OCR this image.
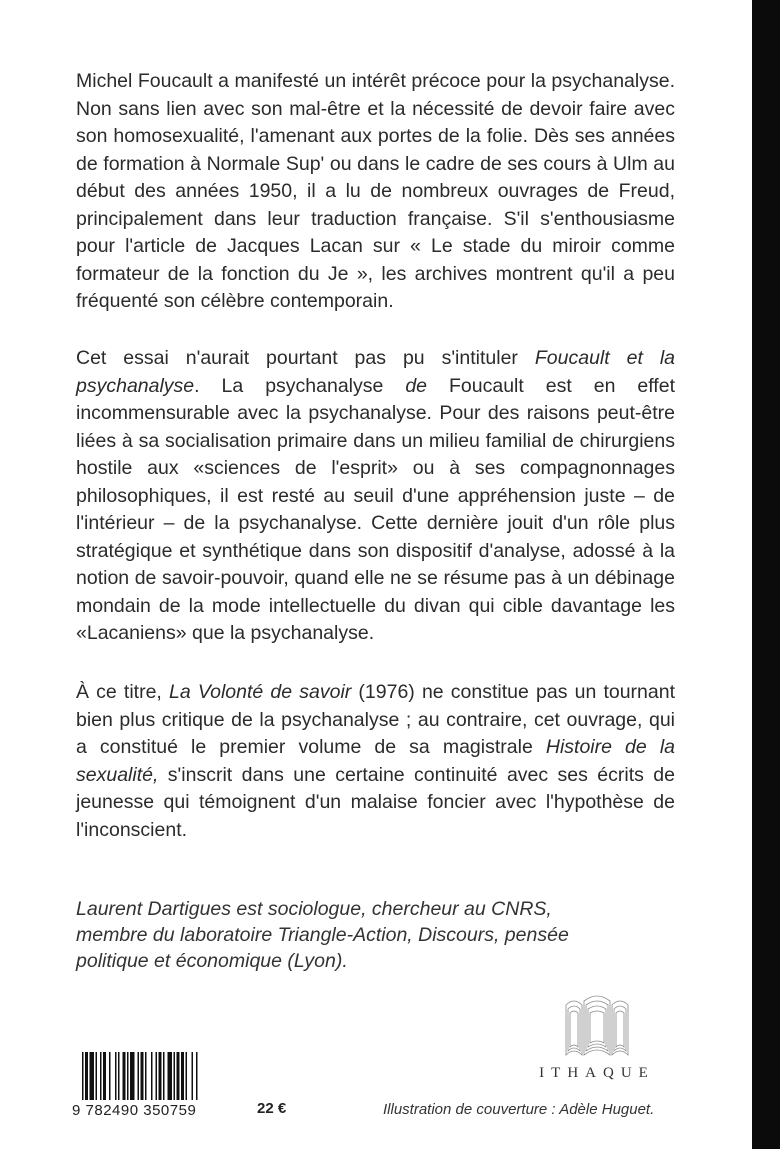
Michel Foucault a manifesté un intérêt précoce pour la psychanalyse. Non sans lien avec son mal-être et la nécessité de devoir faire avec son homosexualité, l'amenant aux portes de la folie. Dès ses années de formation à Normale Sup' ou dans le cadre de ses cours à Ulm au début des années 1950, il a lu de nombreux ouvrages de Freud, principalement dans leur traduction française. S'il s'enthousiasme pour l'article de Jacques Lacan sur « Le stade du miroir comme formateur de la fonction du Je », les archives montrent qu'il a peu fréquenté son célèbre contemporain.

Cet essai n'aurait pourtant pas pu s'intituler Foucault et la psychanalyse. La psychanalyse de Foucault est en effet incommensurable avec la psychanalyse. Pour des raisons peut-être liées à sa socialisation primaire dans un milieu familial de chirurgiens hostile aux «sciences de l'esprit» ou à ses compagnonnages philosophiques, il est resté au seuil d'une appréhension juste – de l'intérieur – de la psychanalyse. Cette dernière jouit d'un rôle plus stratégique et synthétique dans son dispositif d'analyse, adossé à la notion de savoir-pouvoir, quand elle ne se résume pas à un débinage mondain de la mode intellectuelle du divan qui cible davantage les «Lacaniens» que la psychanalyse.

À ce titre, La Volonté de savoir (1976) ne constitue pas un tournant bien plus critique de la psychanalyse ; au contraire, cet ouvrage, qui a constitué le premier volume de sa magistrale Histoire de la sexualité, s'inscrit dans une certaine continuité avec ses écrits de jeunesse qui témoignent d'un malaise foncier avec l'hypothèse de l'inconscient.

Laurent Dartigues est sociologue, chercheur au CNRS,
membre du laboratoire Triangle-Action, Discours, pensée
politique et économique (Lyon).
ITHAQUE
9 782490 350759	22 €	Illustration de couverture : Adèle Huguet.
